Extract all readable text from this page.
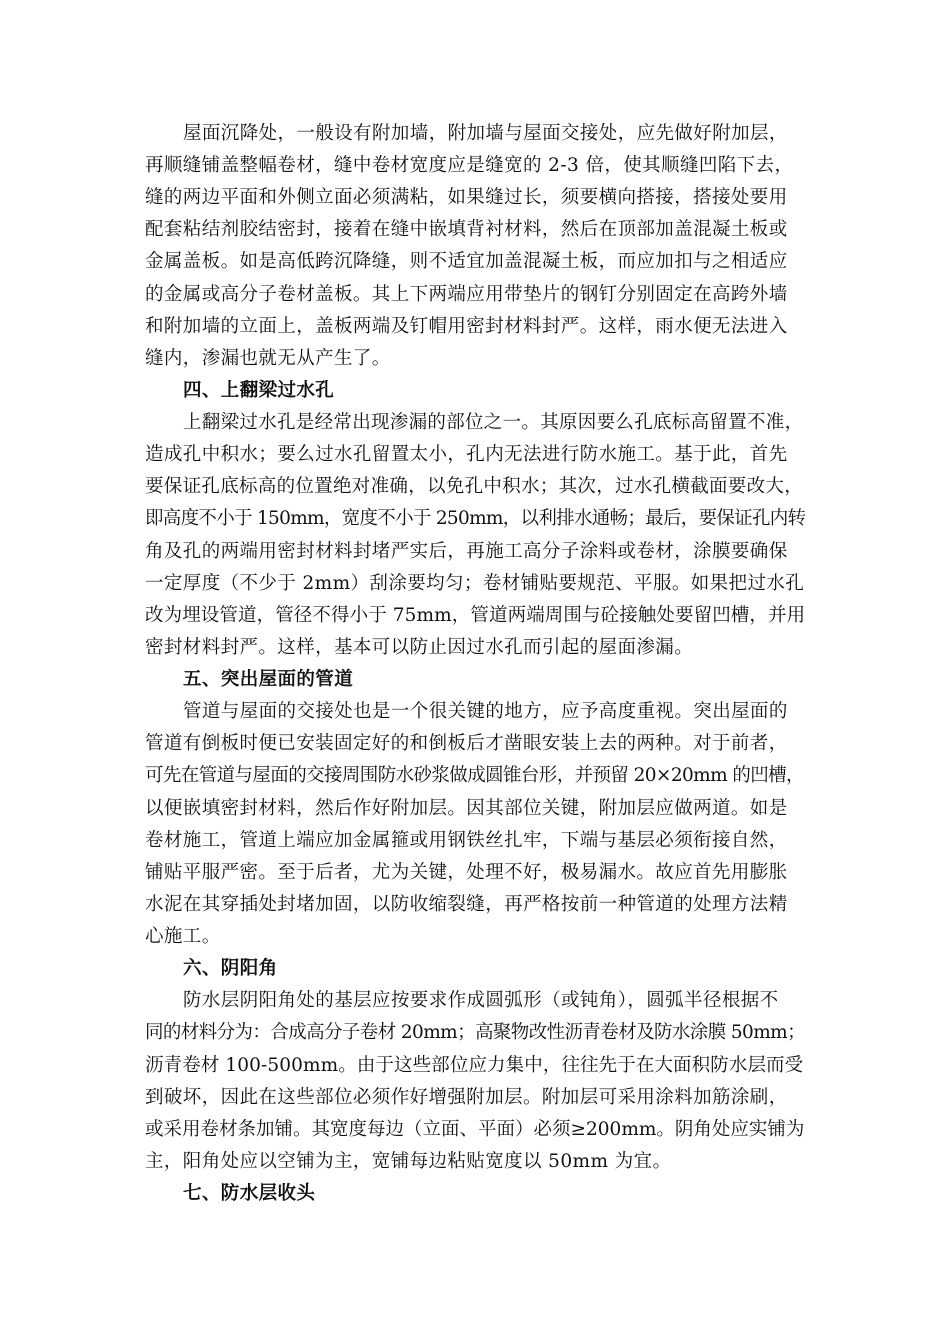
屋面沉降处，一般设有附加墙，附加墙与屋面交接处，应先做好附加层，
再顺缝铺盖整幅卷材，缝中卷材宽度应是缝宽的 2-3 倍，使其顺缝凹陷下去，
缝的两边平面和外侧立面必须满粘，如果缝过长，须要横向搭接，搭接处要用
配套粘结剂胶结密封，接着在缝中嵌填背衬材料，然后在顶部加盖混凝土板或
金属盖板。如是高低跨沉降缝，则不适宜加盖混凝土板，而应加扣与之相适应
的金属或高分子卷材盖板。其上下两端应用带垫片的钢钉分别固定在高跨外墙
和附加墙的立面上，盖板两端及钉帽用密封材料封严。这样，雨水便无法进入
缝内，渗漏也就无从产生了。
四、上翻梁过水孔
上翻梁过水孔是经常出现渗漏的部位之一。其原因要么孔底标高留置不准，
造成孔中积水；要么过水孔留置太小，孔内无法进行防水施工。基于此，首先
要保证孔底标高的位置绝对准确，以免孔中积水；其次，过水孔横截面要改大，
即高度不小于 150mm，宽度不小于 250mm，以利排水通畅；最后，要保证孔内转
角及孔的两端用密封材料封堵严实后，再施工高分子涂料或卷材，涂膜要确保
一定厚度（不少于 2mm）刮涂要均匀；卷材铺贴要规范、平服。如果把过水孔
改为埋设管道，管径不得小于 75mm，管道两端周围与砼接触处要留凹槽，并用
密封材料封严。这样，基本可以防止因过水孔而引起的屋面渗漏。
五、突出屋面的管道
管道与屋面的交接处也是一个很关键的地方，应予高度重视。突出屋面的
管道有倒板时便已安装固定好的和倒板后才凿眼安装上去的两种。对于前者，
可先在管道与屋面的交接周围防水砂浆做成圆锥台形，并预留 20×20mm 的凹槽，
以便嵌填密封材料，然后作好附加层。因其部位关键，附加层应做两道。如是
卷材施工，管道上端应加金属箍或用钢铁丝扎牢，下端与基层必须衔接自然，
铺贴平服严密。至于后者，尤为关键，处理不好，极易漏水。故应首先用膨胀
水泥在其穿插处封堵加固，以防收缩裂缝，再严格按前一种管道的处理方法精
心施工。
六、阴阳角
防水层阴阳角处的基层应按要求作成圆弧形（或钝角），圆弧半径根据不
同的材料分为：合成高分子卷材 20mm；高聚物改性沥青卷材及防水涂膜 50mm；
沥青卷材 100-500mm。由于这些部位应力集中，往往先于在大面积防水层而受
到破坏，因此在这些部位必须作好增强附加层。附加层可采用涂料加筋涂刷，
或采用卷材条加铺。其宽度每边（立面、平面）必须≥200mm。阴角处应实铺为
主，阳角处应以空铺为主，宽铺每边粘贴宽度以 50mm 为宜。
七、防水层收头
